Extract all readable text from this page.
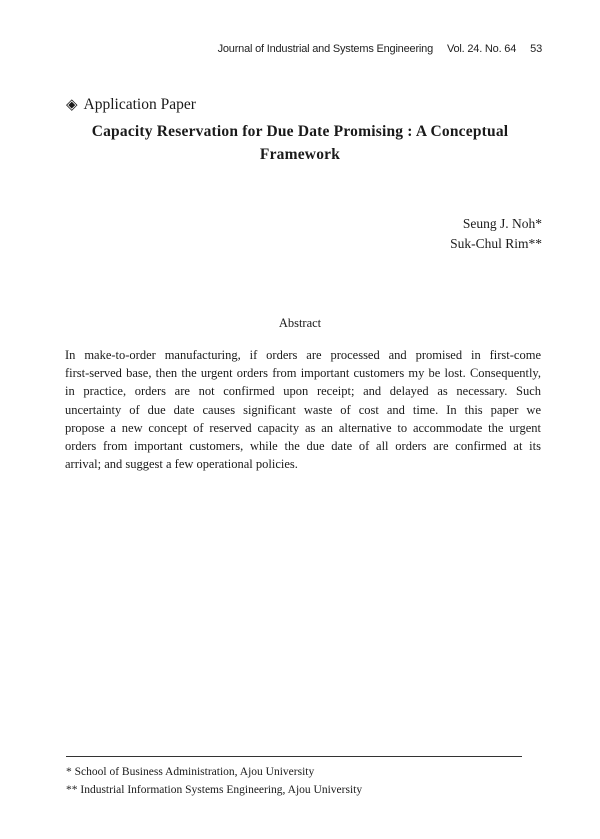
Journal of Industrial and Systems Engineering Vol. 24. No. 64 53
◈ Application Paper
Capacity Reservation for Due Date Promising : A Conceptual
Framework
Seung J. Noh*
Suk-Chul Rim**
Abstract
In make-to-order manufacturing, if orders are processed and promised in first-come
first-served base, then the urgent orders from important customers my be lost. Consequently,
in practice, orders are not confirmed upon receipt; and delayed as necessary. Such
uncertainty of due date causes significant waste of cost and time. In this paper we
propose a new concept of reserved capacity as an alternative to accommodate the urgent
orders from important customers, while the due date of all orders are confirmed at its
arrival; and suggest a few operational policies.
* School of Business Administration, Ajou University
** Industrial Information Systems Engineering, Ajou University
